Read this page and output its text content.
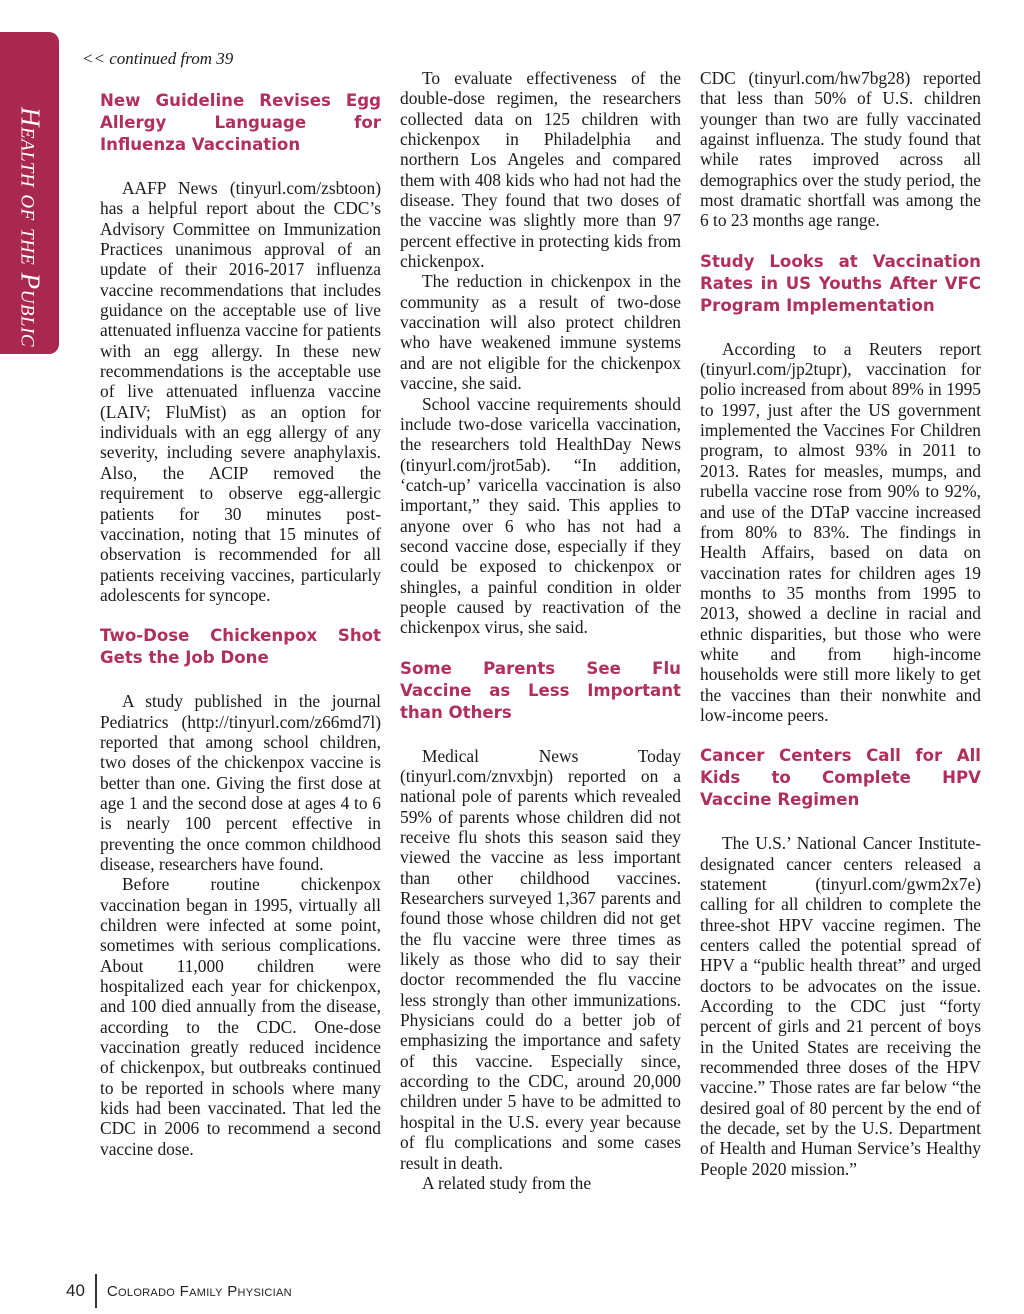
Health of the Public
<< continued from 39
New Guideline Revises Egg Allergy Language for Influenza Vaccination

AAFP News (tinyurl.com/zsbtoon) has a helpful report about the CDC’s Advisory Committee on Immunization Practices unanimous approval of an update of their 2016-2017 influenza vaccine recommendations that includes guidance on the acceptable use of live attenuated influenza vaccine for patients with an egg allergy. In these new recommendations is the acceptable use of live attenuated influenza vaccine (LAIV; FluMist) as an option for individuals with an egg allergy of any severity, including severe anaphylaxis. Also, the ACIP removed the requirement to observe egg-allergic patients for 30 minutes post-vaccination, noting that 15 minutes of observation is recommended for all patients receiving vaccines, particularly adolescents for syncope.

Two-Dose Chickenpox Shot Gets the Job Done

A study published in the journal Pediatrics (http://tinyurl.com/z66md7l) reported that among school children, two doses of the chickenpox vaccine is better than one. Giving the first dose at age 1 and the second dose at ages 4 to 6 is nearly 100 percent effective in preventing the once common childhood disease, researchers have found.

Before routine chickenpox vaccination began in 1995, virtually all children were infected at some point, sometimes with serious complications. About 11,000 children were hospitalized each year for chickenpox, and 100 died annually from the disease, according to the CDC. One-dose vaccination greatly reduced incidence of chickenpox, but outbreaks continued to be reported in schools where many kids had been vaccinated. That led the CDC in 2006 to recommend a second vaccine dose.

To evaluate effectiveness of the double-dose regimen, the researchers collected data on 125 children with chickenpox in Philadelphia and northern Los Angeles and compared them with 408 kids who had not had the disease. They found that two doses of the vaccine was slightly more than 97 percent effective in protecting kids from chickenpox.

The reduction in chickenpox in the community as a result of two-dose vaccination will also protect children who have weakened immune systems and are not eligible for the chickenpox vaccine, she said.

School vaccine requirements should include two-dose varicella vaccination, the researchers told HealthDay News (tinyurl.com/jrot5ab). “In addition, ‘catch-up’ varicella vaccination is also important,” they said. This applies to anyone over 6 who has not had a second vaccine dose, especially if they could be exposed to chickenpox or shingles, a painful condition in older people caused by reactivation of the chickenpox virus, she said.

Some Parents See Flu Vaccine as Less Important than Others

Medical News Today (tinyurl.com/znvxbjn) reported on a national pole of parents which revealed 59% of parents whose children did not receive flu shots this season said they viewed the vaccine as less important than other childhood vaccines. Researchers surveyed 1,367 parents and found those whose children did not get the flu vaccine were three times as likely as those who did to say their doctor recommended the flu vaccine less strongly than other immunizations. Physicians could do a better job of emphasizing the importance and safety of this vaccine. Especially since, according to the CDC, around 20,000 children under 5 have to be admitted to hospital in the U.S. every year because of flu complications and some cases result in death.

A related study from the

CDC (tinyurl.com/hw7bg28) reported that less than 50% of U.S. children younger than two are fully vaccinated against influenza. The study found that while rates improved across all demographics over the study period, the most dramatic shortfall was among the 6 to 23 months age range.

Study Looks at Vaccination Rates in US Youths After VFC Program Implementation

According to a Reuters report (tinyurl.com/jp2tupr), vaccination for polio increased from about 89% in 1995 to 1997, just after the US government implemented the Vaccines For Children program, to almost 93% in 2011 to 2013. Rates for measles, mumps, and rubella vaccine rose from 90% to 92%, and use of the DTaP vaccine increased from 80% to 83%. The findings in Health Affairs, based on data on vaccination rates for children ages 19 months to 35 months from 1995 to 2013, showed a decline in racial and ethnic disparities, but those who were white and from high-income households were still more likely to get the vaccines than their nonwhite and low-income peers.

Cancer Centers Call for All Kids to Complete HPV Vaccine Regimen

The U.S.’ National Cancer Institute-designated cancer centers released a statement (tinyurl.com/gwm2x7e) calling for all children to complete the three-shot HPV vaccine regimen. The centers called the potential spread of HPV a “public health threat” and urged doctors to be advocates on the issue. According to the CDC just “forty percent of girls and 21 percent of boys in the United States are receiving the recommended three doses of the HPV vaccine.” Those rates are far below “the desired goal of 80 percent by the end of the decade, set by the U.S. Department of Health and Human Service’s Healthy People 2020 mission.”

40 Colorado Family Physician
